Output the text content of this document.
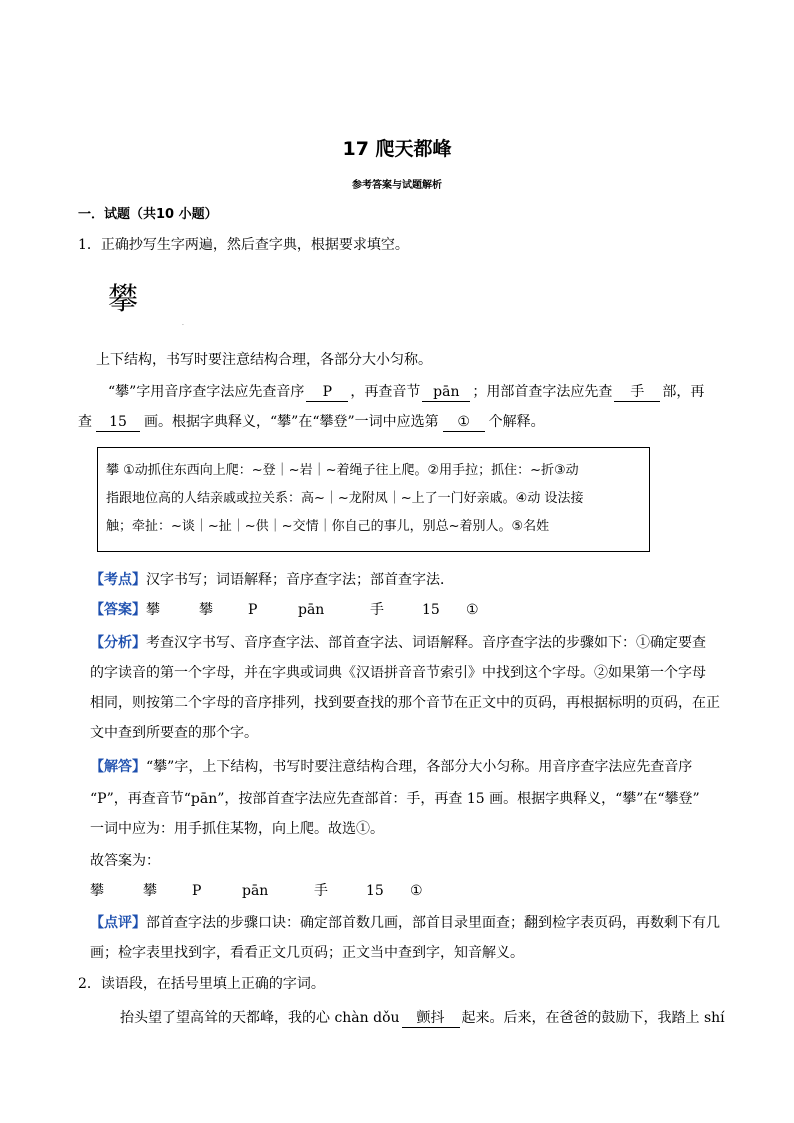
17 爬天都峰
参考答案与试题解析
一．试题（共10 小题）
1．正确抄写生字两遍，然后查字典，根据要求填空。
攀
·
上下结构，书写时要注意结构合理，各部分大小匀称。
“攀”字用音序查字法应先查音序 P ，再查音节 pān ；用部首查字法应先查 手 部，再
查 15 画。根据字典释义，“攀”在“攀登”一词中应选第 ① 个解释。

攀 ①动抓住东西向上爬：~登｜~岩｜~着绳子往上爬。②用手拉；抓住：~折③动

指跟地位高的人结亲戚或拉关系：高~｜~龙附凤｜~上了一门好亲戚。④动 设法接

触；牵扯：~谈｜~扯｜~供｜~交情｜你自己的事儿，别总~着别人。⑤名姓

【考点】汉字书写；词语解释；音序查字法；部首查字法．
【答案】攀	攀	P	pān	手	15 ①
【分析】考查汉字书写、音序查字法、部首查字法、词语解释。音序查字法的步骤如下：①确定要查
的字读音的第一个字母，并在字典或词典《汉语拼音音节索引》中找到这个字母。②如果第一个字母
相同，则按第二个字母的音序排列，找到要查找的那个音节在正文中的页码，再根据标明的页码，在正
文中查到所要查的那个字。
【解答】“攀”字，上下结构，书写时要注意结构合理，各部分大小匀称。用音序查字法应先查音序
“P”，再查音节“pān”，按部首查字法应先查部首：手，再查 15 画。根据字典释义，“攀”在“攀登”
一词中应为：用手抓住某物，向上爬。故选①。
故答案为：
攀	攀	P	pān	手	15 ①
【点评】部首查字法的步骤口诀：确定部首数几画，部首目录里面查；翻到检字表页码，再数剩下有几
画；检字表里找到字，看看正文几页码；正文当中查到字，知音解义。
2．读语段，在括号里填上正确的字词。
抬头望了望高耸的天都峰，我的心 chàn dǒu 颤抖 起来。后来，在爸爸的鼓励下，我踏上 shí
